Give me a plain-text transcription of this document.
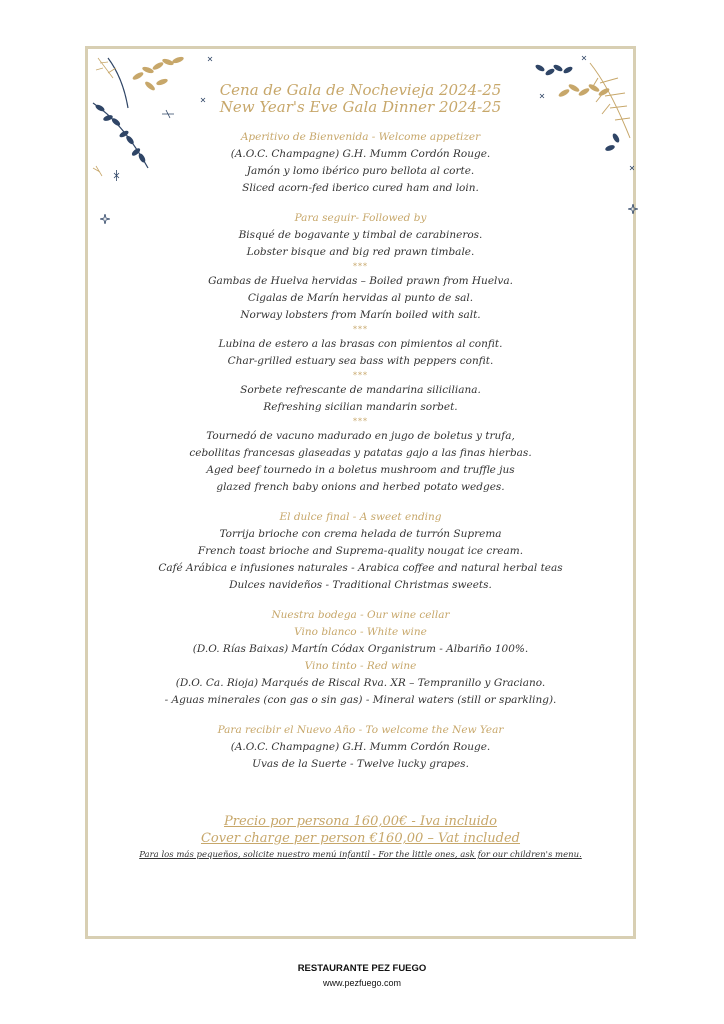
Cena de Gala de Nochevieja 2024-25

New Year's Eve Gala Dinner 2024-25

Aperitivo de Bienvenida - Welcome appetizer

(A.O.C. Champagne) G.H. Mumm Cordón Rouge.

Jamón y lomo ibérico puro bellota al corte.

Sliced acorn-fed iberico cured ham and loin.

Para seguir- Followed by

Bisqué de bogavante y timbal de carabineros.

Lobster bisque and big red prawn timbale.

***

Gambas de Huelva hervidas – Boiled prawn from Huelva.

Cigalas de Marín hervidas al punto de sal.

Norway lobsters from Marín boiled with salt.

***

Lubina de estero a las brasas con pimientos al confit.

Char-grilled estuary sea bass with peppers confit.

***

Sorbete refrescante de mandarina siliciliana.

Refreshing sicilian mandarin sorbet.

***

Tournedó de vacuno madurado en jugo de boletus y trufa,

cebollitas francesas glaseadas y patatas gajo a las finas hierbas.

Aged beef tournedo in a boletus mushroom and truffle jus

glazed french baby onions and herbed potato wedges.

El dulce final - A sweet ending

Torrija brioche con crema helada de turrón Suprema

French toast brioche and Suprema-quality nougat ice cream.

Café Arábica e infusiones naturales - Arabica coffee and natural herbal teas

Dulces navideños - Traditional Christmas sweets.

Nuestra bodega - Our wine cellar

Vino blanco - White wine

(D.O. Rías Baixas) Martín Códax Organistrum - Albariño 100%.

Vino tinto - Red wine

(D.O. Ca. Rioja) Marqués de Riscal Rva. XR – Tempranillo y Graciano.

- Aguas minerales (con gas o sin gas) - Mineral waters (still or sparkling).

Para recibir el Nuevo Año - To welcome the New Year

(A.O.C. Champagne) G.H. Mumm Cordón Rouge.

Uvas de la Suerte - Twelve lucky grapes.

Precio por persona 160,00€ - Iva incluido

Cover charge per person €160,00 – Vat included

Para los más pequeños, solicite nuestro menú infantil - For the little ones, ask for our children's menu.

RESTAURANTE PEZ FUEGO
www.pezfuego.com
